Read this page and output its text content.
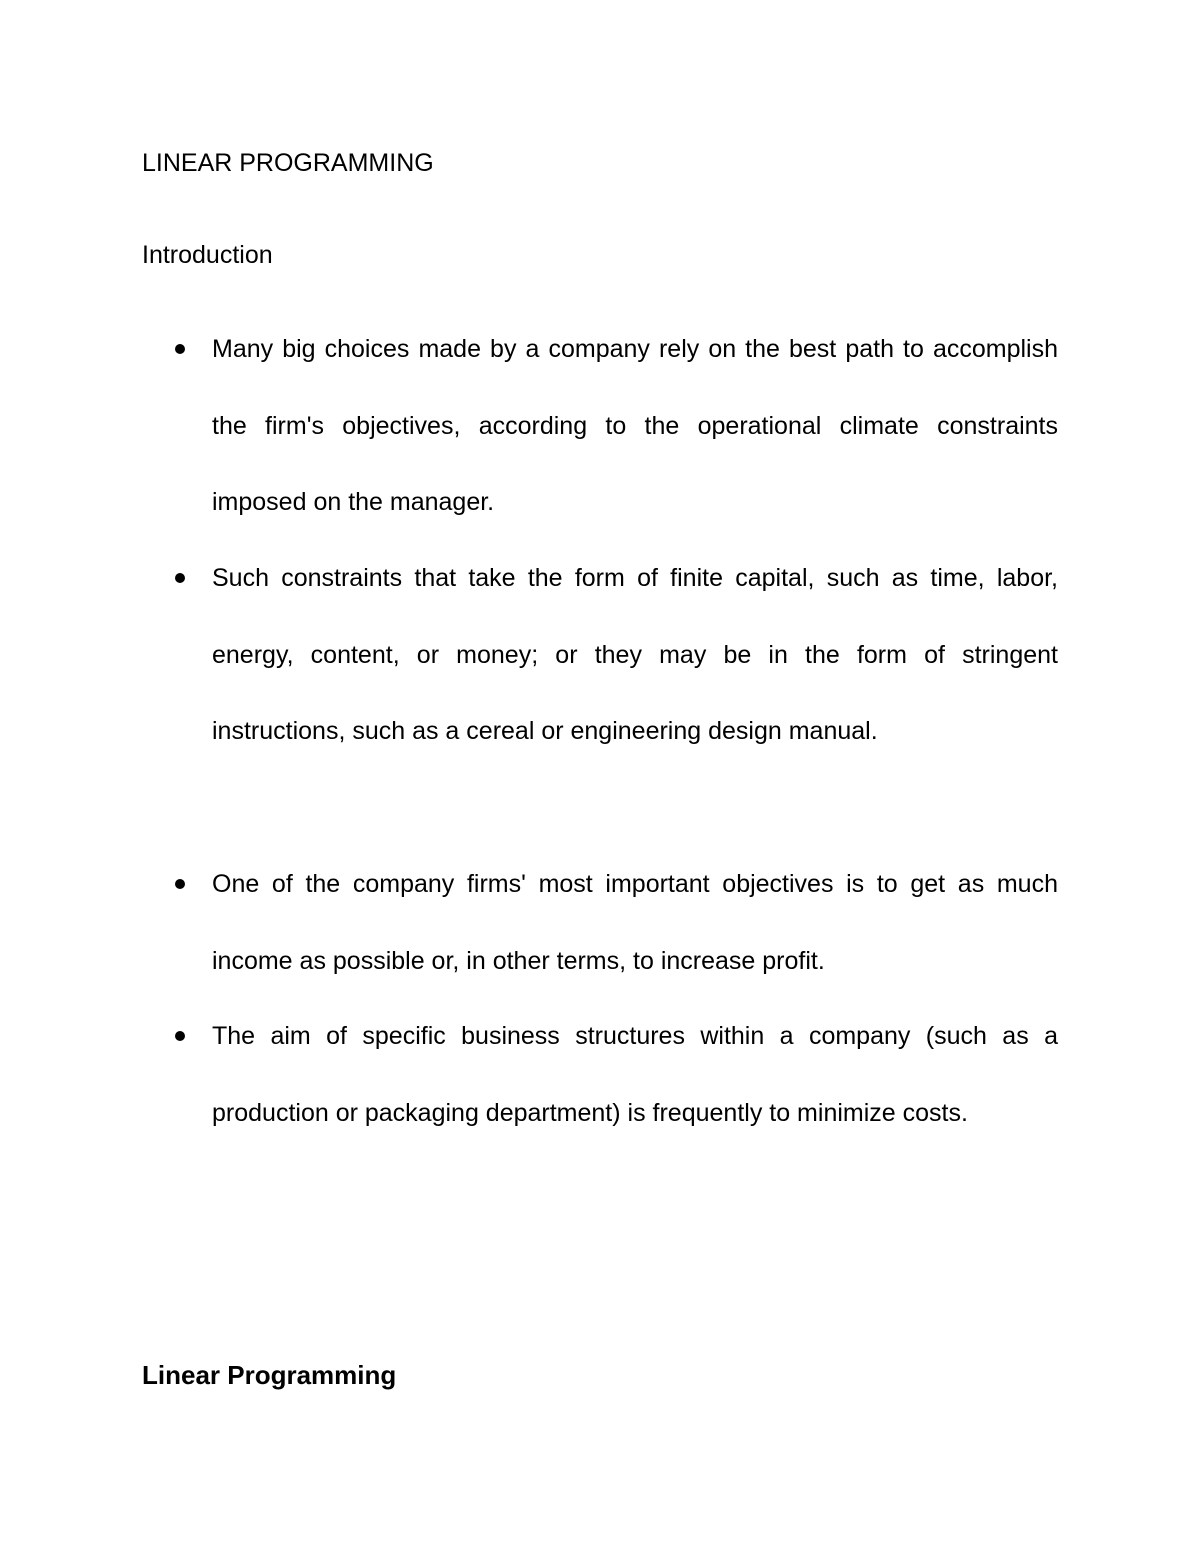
LINEAR PROGRAMMING
Introduction

Many big choices made by a company rely on the best path to accomplish the firm's objectives, according to the operational climate constraints imposed on the manager.

Such constraints that take the form of finite capital, such as time, labor, energy, content, or money; or they may be in the form of stringent instructions, such as a cereal or engineering design manual.

One of the company firms' most important objectives is to get as much income as possible or, in other terms, to increase profit.

The aim of specific business structures within a company (such as a production or packaging department) is frequently to minimize costs.

Linear Programming
